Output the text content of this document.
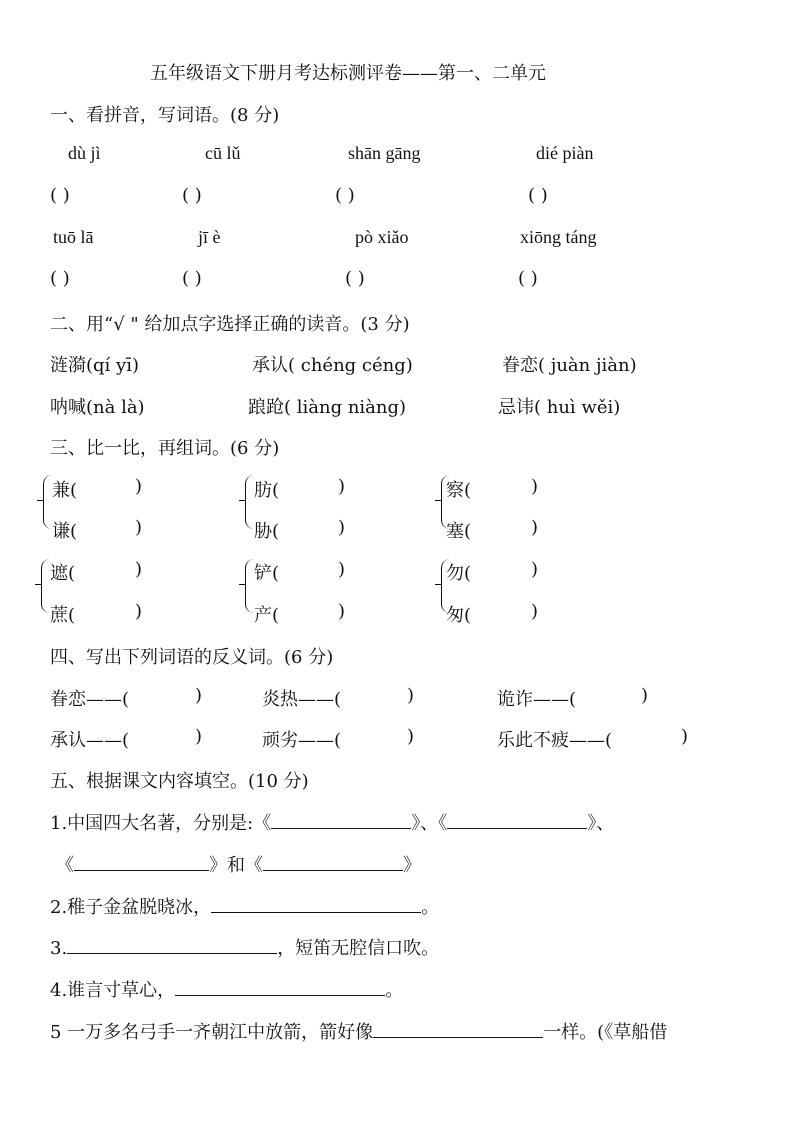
五年级语文下册月考达标测评卷——第一、二单元
一、看拼音，写词语。(8 分)
dù jì	cū lǔ	shān gāng	dié piàn
( )	( )	( )	( )
tuō lā	jī è	pò xiǎo	xiōng táng
( )	( )	( )	( )
二、用“√ " 给加点字选择正确的读音。(3 分)
涟漪(qí yī)	承认( chéng céng)	眷恋( juàn jiàn)
呐喊(nà là)	踉跄( liàng niàng)	忌讳( huì wěi)
三、比一比，再组词。(6 分)
兼(	)	肪(	)	察(	)
谦(	)	胁(	)	塞(	)
遮(	)	铲(	)	勿(	)
蔗(	)	产(	)	匆(	)
四、写出下列词语的反义词。(6 分)
眷恋——(	)	炎热——(	)	诡诈——(	)
承认——(	)	顽劣——(	)	乐此不疲——(	)
五、根据课文内容填空。(10 分)
1.中国四大名著，分别是:《	》、《	》、
《	》和《	》
2.稚子金盆脱晓冰，	。
3.	，短笛无腔信口吹。
4.谁言寸草心，	。
5 一万多名弓手一齐朝江中放箭，箭好像	一样。(《草船借
